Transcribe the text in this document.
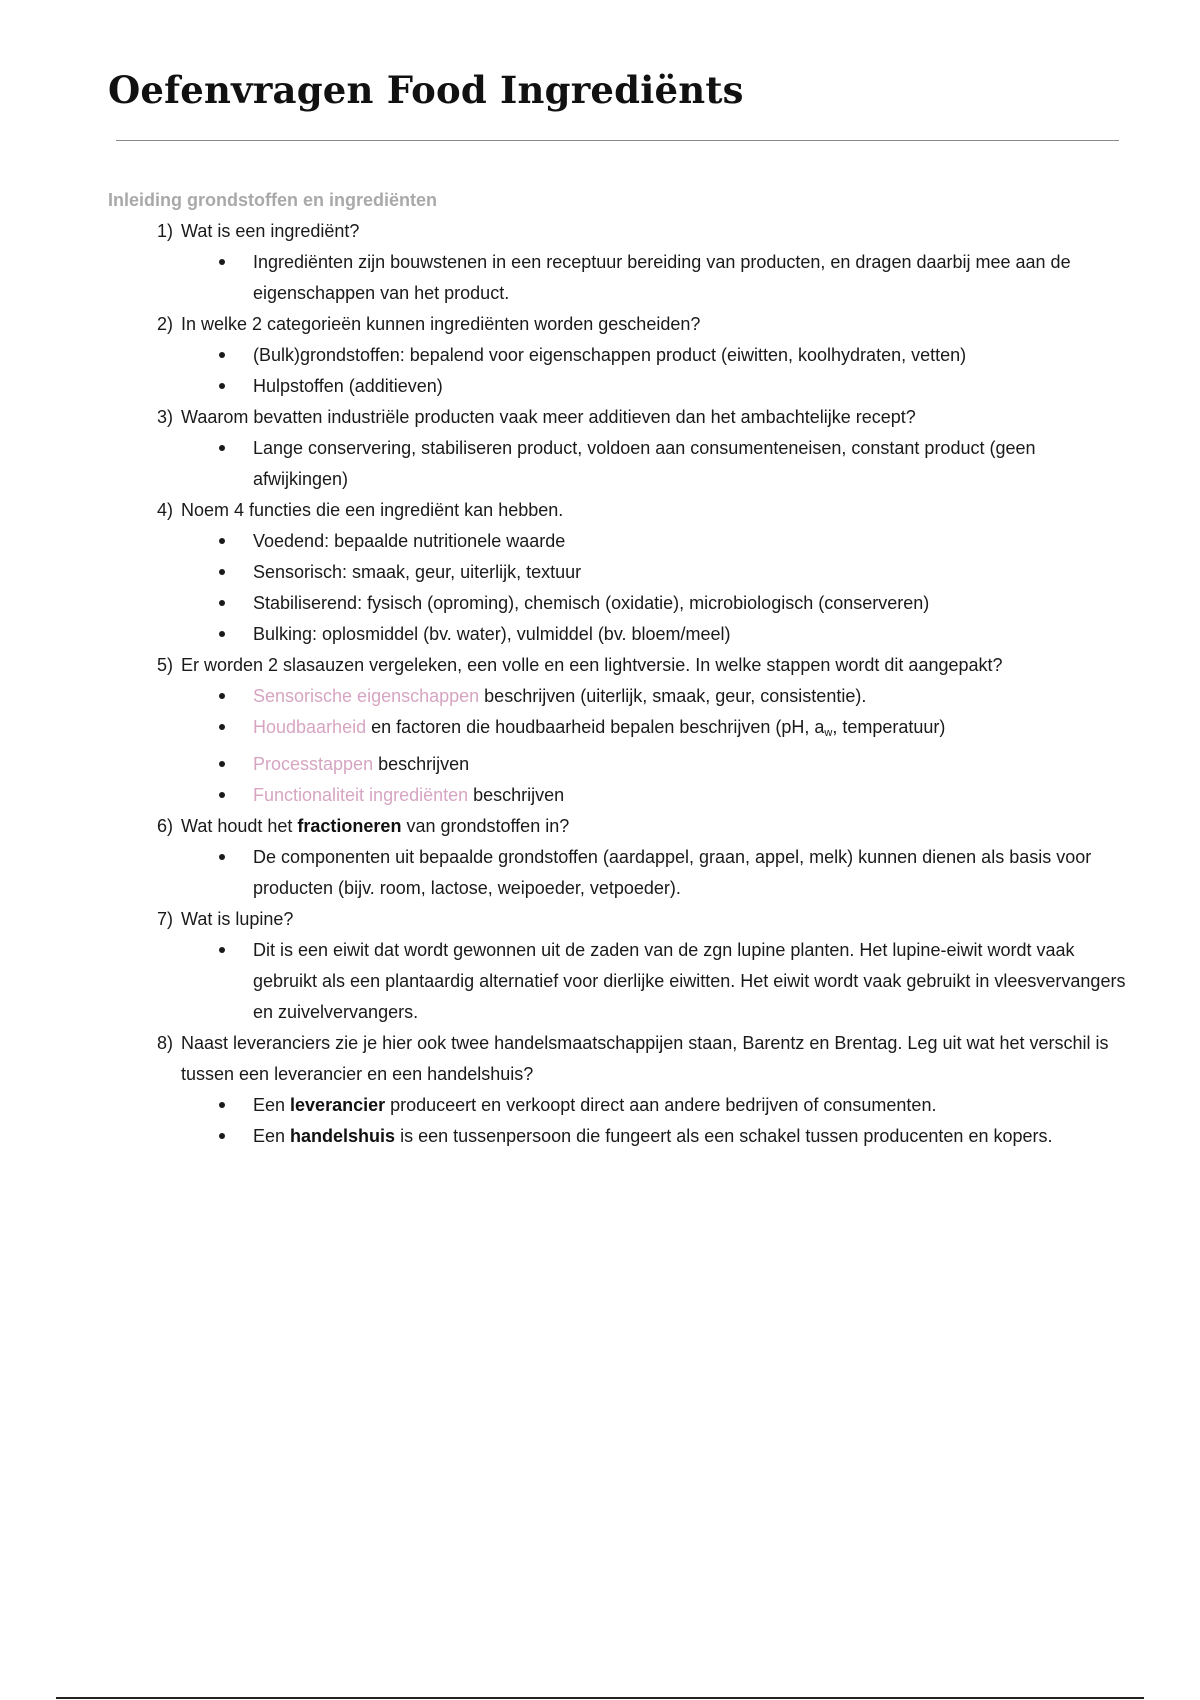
Oefenvragen Food Ingrediënts
Inleiding grondstoffen en ingrediënten
1) Wat is een ingrediënt?
Ingrediënten zijn bouwstenen in een receptuur bereiding van producten, en dragen daarbij mee aan de eigenschappen van het product.
2) In welke 2 categorieën kunnen ingrediënten worden gescheiden?
(Bulk)grondstoffen: bepalend voor eigenschappen product (eiwitten, koolhydraten, vetten)
Hulpstoffen (additieven)
3) Waarom bevatten industriële producten vaak meer additieven dan het ambachtelijke recept?
Lange conservering, stabiliseren product, voldoen aan consumenteneisen, constant product (geen afwijkingen)
4) Noem 4 functies die een ingrediënt kan hebben.
Voedend: bepaalde nutritionele waarde
Sensorisch: smaak, geur, uiterlijk, textuur
Stabiliserend: fysisch (oproming), chemisch (oxidatie), microbiologisch (conserveren)
Bulking: oplosmiddel (bv. water), vulmiddel (bv. bloem/meel)
5) Er worden 2 slasauzen vergeleken, een volle en een lightversie. In welke stappen wordt dit aangepakt?
Sensorische eigenschappen beschrijven (uiterlijk, smaak, geur, consistentie).
Houdbaarheid en factoren die houdbaarheid bepalen beschrijven (pH, $a_w$, temperatuur)
Processtappen beschrijven
Functionaliteit ingrediënten beschrijven
6) Wat houdt het fractioneren van grondstoffen in?
De componenten uit bepaalde grondstoffen (aardappel, graan, appel, melk) kunnen dienen als basis voor producten (bijv. room, lactose, weipoeder, vetpoeder).
7) Wat is lupine?
Dit is een eiwit dat wordt gewonnen uit de zaden van de zgn lupine planten. Het lupine-eiwit wordt vaak gebruikt als een plantaardig alternatief voor dierlijke eiwitten. Het eiwit wordt vaak gebruikt in vleesvervangers en zuivelvervangers.
8) Naast leveranciers zie je hier ook twee handelsmaatschappijen staan, Barentz en Brentag. Leg uit wat het verschil is tussen een leverancier en een handelshuis?
Een leverancier produceert en verkoopt direct aan andere bedrijven of consumenten.
Een handelshuis is een tussenpersoon die fungeert als een schakel tussen producenten en kopers.
